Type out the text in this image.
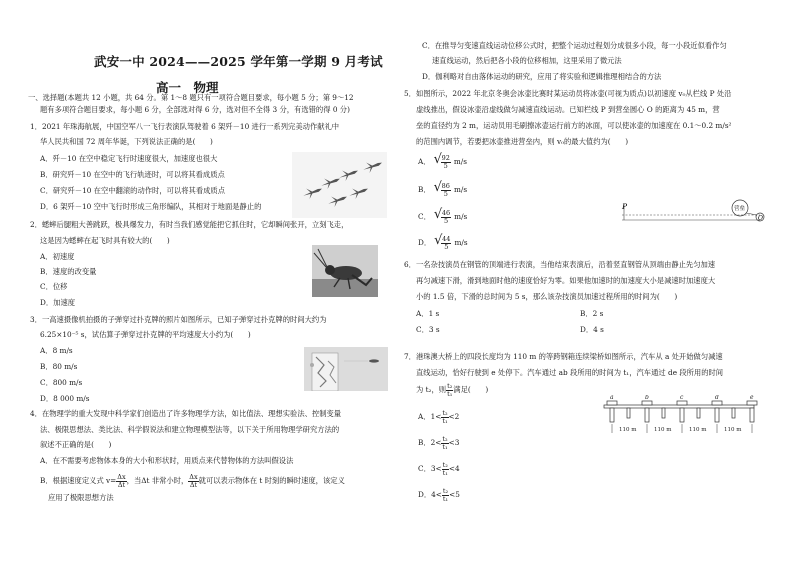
武安一中 2024——2025 学年第一学期 9 月考试
高一　物理
一、选择题(本题共 12 小题，共 64 分。第 1～8 题只有一项符合题目要求，每小题 5 分；第 9～12
题有多项符合题目要求，每小题 6 分，全部选对得 6 分，选对但不全得 3 分，有选错的得 0 分)
1．2021 年珠海航展，中国空军八一飞行表演队驾驶着 6 架歼－10 进行一系列完美动作献礼中
华人民共和国 72 周年华诞，下列说法正确的是(　　)
A．歼－10 在空中稳定飞行时速度很大，加速度也很大
B．研究歼－10 在空中的飞行轨迹时，可以将其看成质点
C．研究歼－10 在空中翻滚的动作时，可以将其看成质点
D．6 架歼－10 空中飞行时形成三角形编队，其相对于地面是静止的
2．蟋蟀后腿粗大善跳跃，极具爆发力，有时当我们感觉能把它抓住时，它却瞬间张开，立刻飞走，
这是因为蟋蟀在起飞时具有较大的(　　)
A．初速度
B．速度的改变量
C．位移
D．加速度
3．一高速摄像机拍摄的子弹穿过扑克牌的照片如图所示，已知子弹穿过扑克牌的时间大约为
6.25×10⁻⁵ s，试估算子弹穿过扑克牌的平均速度大小约为(　　)
A．8 m/s
B．80 m/s
C．800 m/s
D．8 000 m/s
4．在物理学的重大发现中科学家们创造出了许多物理学方法，如比值法、理想实验法、控制变量
法、极限思想法、类比法、科学假说法和建立物理模型法等，以下关于所用物理学研究方法的
叙述不正确的是(　　)
A．在不需要考虑物体本身的大小和形状时，用质点来代替物体的方法叫假设法
B．根据速度定义式 $v= \frac{\Delta x}{\Delta t}$ ，当Δt 非常小时， $\frac{\Delta x}{\Delta t}$ 就可以表示物体在 t 时刻的瞬时速度，该定义
应用了极限思想方法
C．在推导匀变速直线运动位移公式时，把整个运动过程划分成很多小段，每一小段近似看作匀
速直线运动，然后把各小段的位移相加，这里采用了微元法
D．伽利略对自由落体运动的研究，应用了将实验和逻辑推理相结合的方法
5．如图所示，2022 年北京冬奥会冰壶比赛时某运动员将冰壶(可视为质点)以初速度 v₀从栏线 P 处沿
虚线推出，假设冰壶沿虚线做匀减速直线运动。已知栏线 P 到营垒圆心 O 的距离为 45 m，营
垒的直径约为 2 m，运动员用毛刷擦冰壶运行前方的冰面，可以使冰壶的加速度在 0.1～0.2 m/s²
的范围内调节，若要把冰壶推进营垒内，则 v₀的最大值约为(　　)
A． √
$\frac{92}{5} m/s$
B． √
$\frac{86}{5} m/s$
C． √
$\frac{46}{5} m/s$
D． √
$\frac{44}{5} m/s$
P	营垒
O
6．一名杂技演员在钢管的顶端进行表演，当他结束表演后，沿着竖直钢管从顶端由静止先匀加速
再匀减速下滑，滑到地面时他的速度恰好为零。如果他加速时的加速度大小是减速时加速度大
小的 1.5 倍，下滑的总时间为 5 s，那么该杂技演员加速过程所用的时间为(　　)
A．1 s	B．2 s
C．3 s	D．4 s
7．港珠澳大桥上的四段长度均为 110 m 的等跨钢箱连续梁桥如图所示，汽车从 a 处开始做匀减速
直线运动，恰好行驶到 e 处停下。汽车通过 ab 段所用的时间为 t₁，汽车通过 de 段所用的时间
为 t₂，则 $\frac{\text{t₂}}{\text{t₁}}$ 满足(　　)
A．$1< \frac{\text{t₂}}{\text{t₁}} <2$
B．$2< \frac{\text{t₂}}{\text{t₁}} <3$
C．$3< \frac{\text{t₂}}{\text{t₁}} <4$
D．$4< \frac{\text{t₂}}{\text{t₁}} <5$
a	b	c	d	e
110 m	110 m	110 m	110 m
